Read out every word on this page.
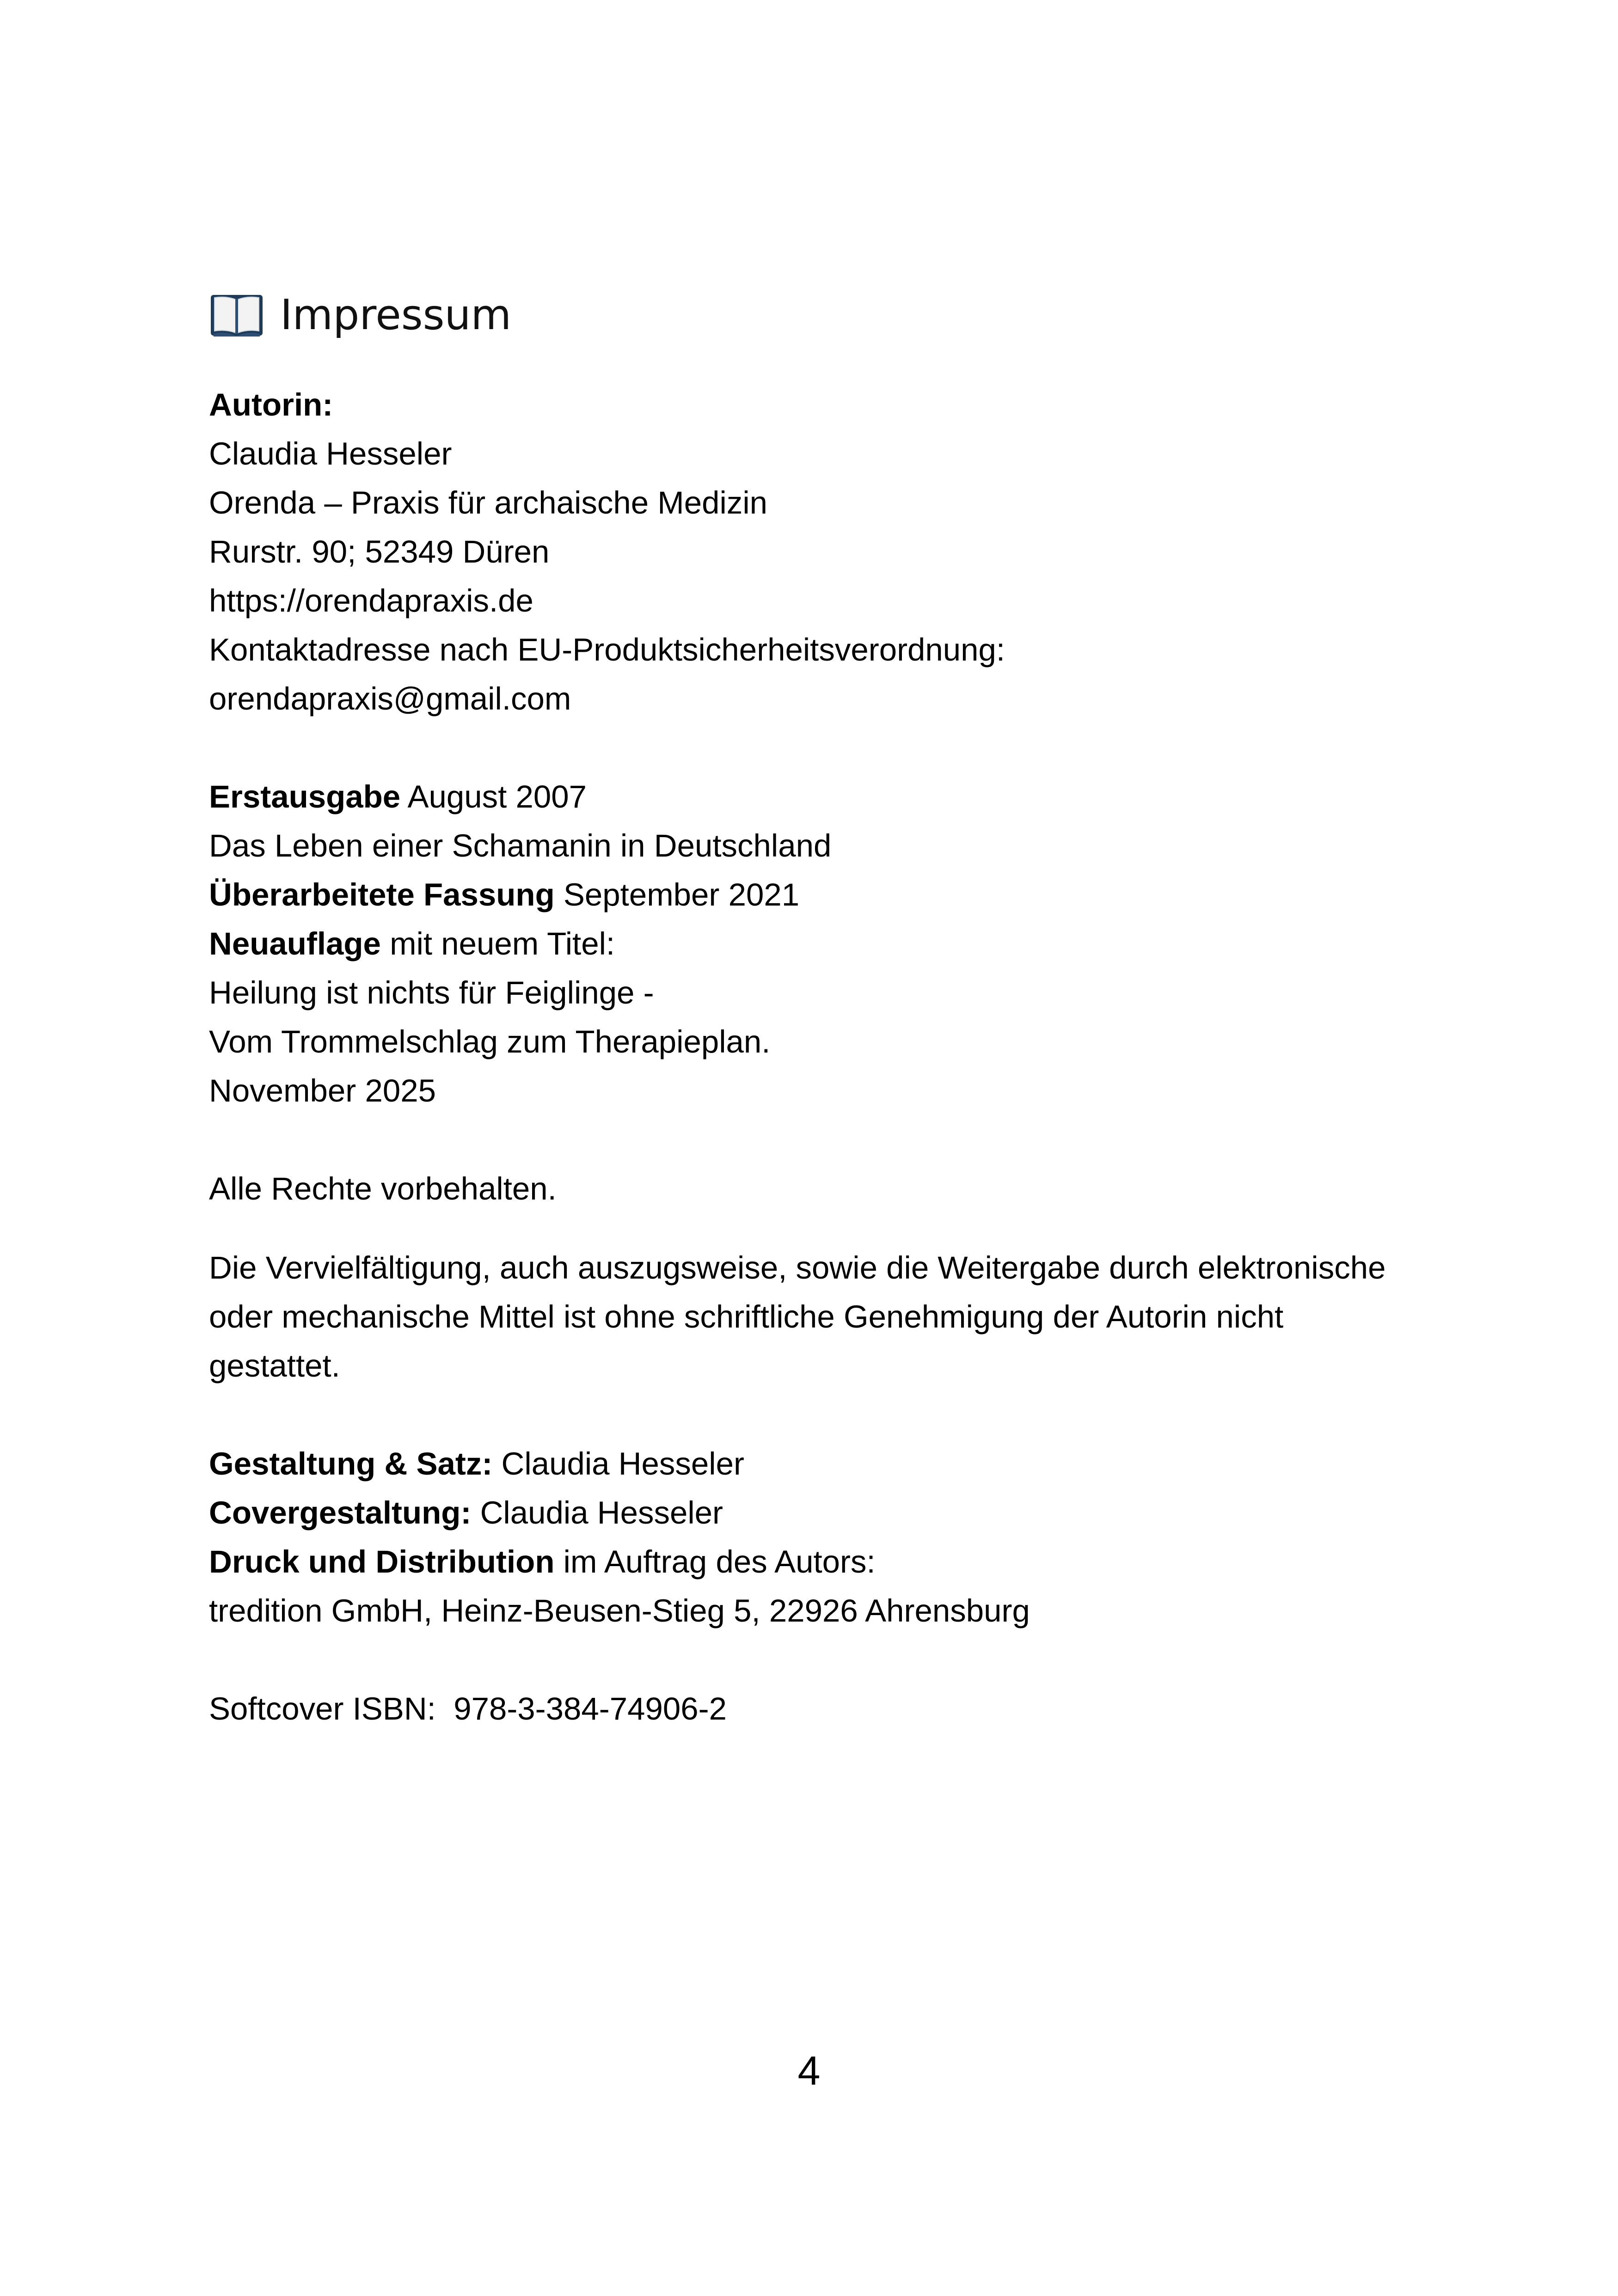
Impressum
Autorin:
Claudia Hesseler
Orenda – Praxis für archaische Medizin
Rurstr. 90; 52349 Düren
https://orendapraxis.de
Kontaktadresse nach EU-Produktsicherheitsverordnung:
orendapraxis@gmail.com
Erstausgabe August 2007
Das Leben einer Schamanin in Deutschland
Überarbeitete Fassung September 2021
Neuauflage mit neuem Titel:
Heilung ist nichts für Feiglinge -
Vom Trommelschlag zum Therapieplan.
November 2025
Alle Rechte vorbehalten.
Die Vervielfältigung, auch auszugsweise, sowie die Weitergabe durch elektronische oder mechanische Mittel ist ohne schriftliche Genehmigung der Autorin nicht gestattet.
Gestaltung & Satz: Claudia Hesseler
Covergestaltung: Claudia Hesseler
Druck und Distribution im Auftrag des Autors:
tredition GmbH, Heinz-Beusen-Stieg 5, 22926 Ahrensburg
Softcover ISBN:  978-3-384-74906-2
4
